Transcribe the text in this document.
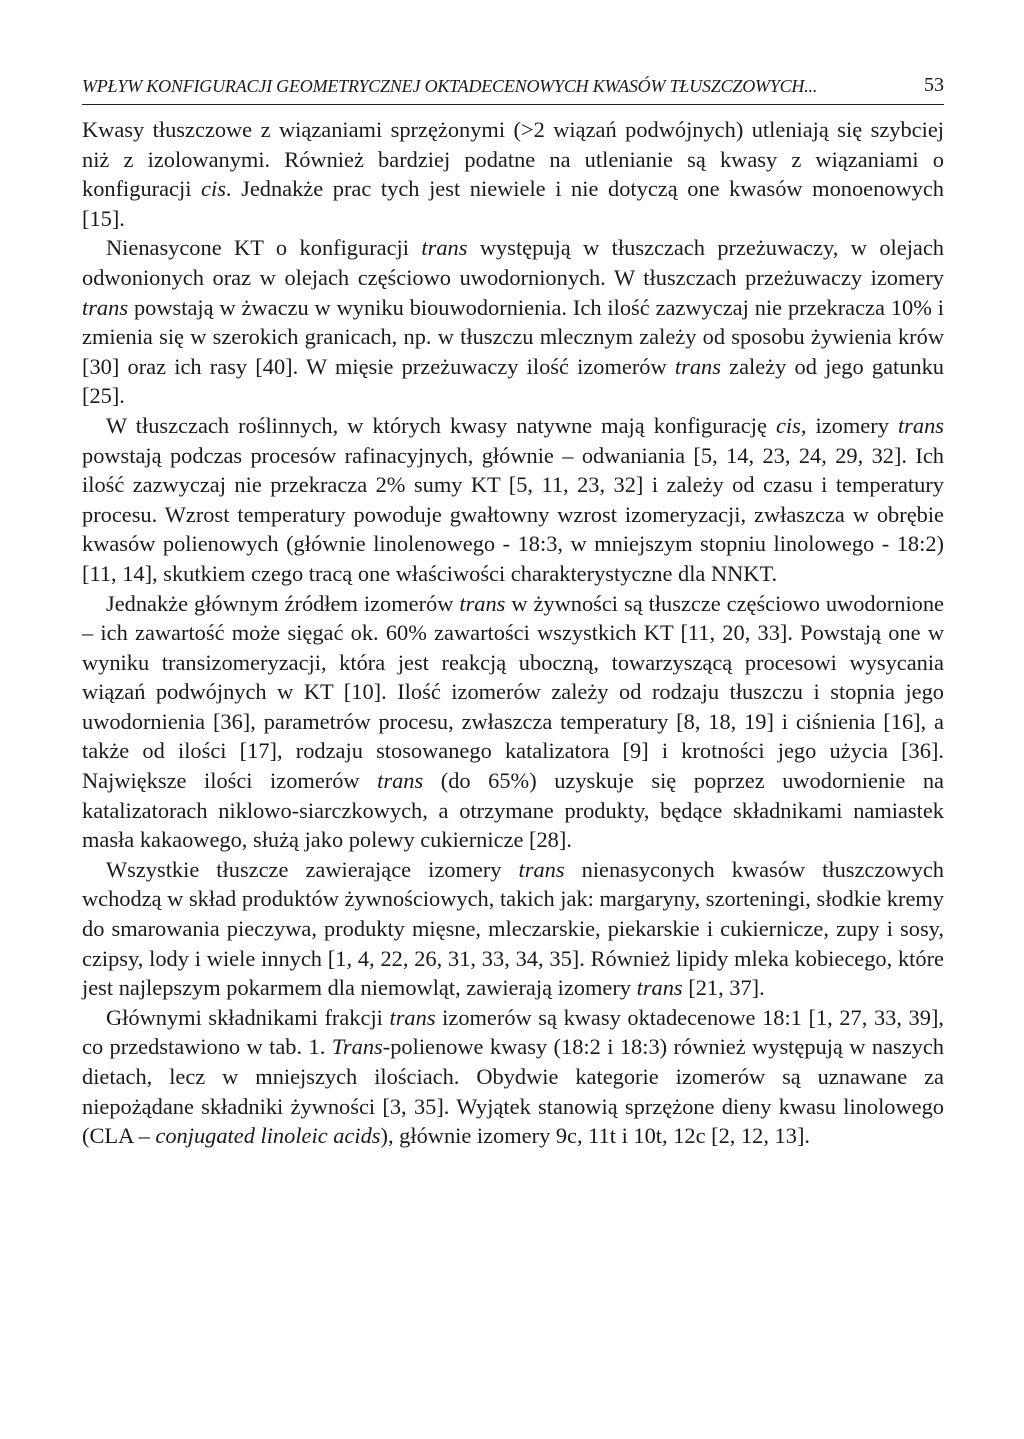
WPŁYW KONFIGURACJI GEOMETRYCZNEJ OKTADECENOWYCH KWASÓW TŁUSZCZOWYCH...	53

Kwasy tłuszczowe z wiązaniami sprzężonymi (>2 wiązań podwójnych) utleniają się szybciej niż z izolowanymi. Również bardziej podatne na utlenianie są kwasy z wiązaniami o konfiguracji cis. Jednakże prac tych jest niewiele i nie dotyczą one kwasów monoenowych [15].

Nienasycone KT o konfiguracji trans występują w tłuszczach przeżuwaczy, w olejach odwonionych oraz w olejach częściowo uwodornionych. W tłuszczach przeżuwaczy izomery trans powstają w żwaczu w wyniku biouwodornienia. Ich ilość zazwyczaj nie przekracza 10% i zmienia się w szerokich granicach, np. w tłuszczu mlecznym zależy od sposobu żywienia krów [30] oraz ich rasy [40]. W mięsie przeżuwaczy ilość izomerów trans zależy od jego gatunku [25].

W tłuszczach roślinnych, w których kwasy natywne mają konfigurację cis, izomery trans powstają podczas procesów rafinacyjnych, głównie – odwaniania [5, 14, 23, 24, 29, 32]. Ich ilość zazwyczaj nie przekracza 2% sumy KT [5, 11, 23, 32] i zależy od czasu i temperatury procesu. Wzrost temperatury powoduje gwałtowny wzrost izomeryzacji, zwłaszcza w obrębie kwasów polienowych (głównie linolenowego - 18:3, w mniejszym stopniu linolowego - 18:2) [11, 14], skutkiem czego tracą one właściwości charakterystyczne dla NNKT.

Jednakże głównym źródłem izomerów trans w żywności są tłuszcze częściowo uwodornione – ich zawartość może sięgać ok. 60% zawartości wszystkich KT [11, 20, 33]. Powstają one w wyniku transizomeryzacji, która jest reakcją uboczną, towarzyszącą procesowi wysycania wiązań podwójnych w KT [10]. Ilość izomerów zależy od rodzaju tłuszczu i stopnia jego uwodornienia [36], parametrów procesu, zwłaszcza temperatury [8, 18, 19] i ciśnienia [16], a także od ilości [17], rodzaju stosowanego katalizatora [9] i krotności jego użycia [36]. Największe ilości izomerów trans (do 65%) uzyskuje się poprzez uwodornienie na katalizatorach niklowo-siarczkowych, a otrzymane produkty, będące składnikami namiastek masła kakaowego, służą jako polewy cukiernicze [28].

Wszystkie tłuszcze zawierające izomery trans nienasyconych kwasów tłuszczowych wchodzą w skład produktów żywnościowych, takich jak: margaryny, szorteningi, słodkie kremy do smarowania pieczywa, produkty mięsne, mleczarskie, piekarskie i cukiernicze, zupy i sosy, czipsy, lody i wiele innych [1, 4, 22, 26, 31, 33, 34, 35]. Również lipidy mleka kobiecego, które jest najlepszym pokarmem dla niemowląt, zawierają izomery trans [21, 37].

Głównymi składnikami frakcji trans izomerów są kwasy oktadecenowe 18:1 [1, 27, 33, 39], co przedstawiono w tab. 1. Trans-polienowe kwasy (18:2 i 18:3) również występują w naszych dietach, lecz w mniejszych ilościach. Obydwie kategorie izomerów są uznawane za niepożądane składniki żywności [3, 35]. Wyjątek stanowią sprzężone dieny kwasu linolowego (CLA – conjugated linoleic acids), głównie izomery 9c, 11t i 10t, 12c [2, 12, 13].
